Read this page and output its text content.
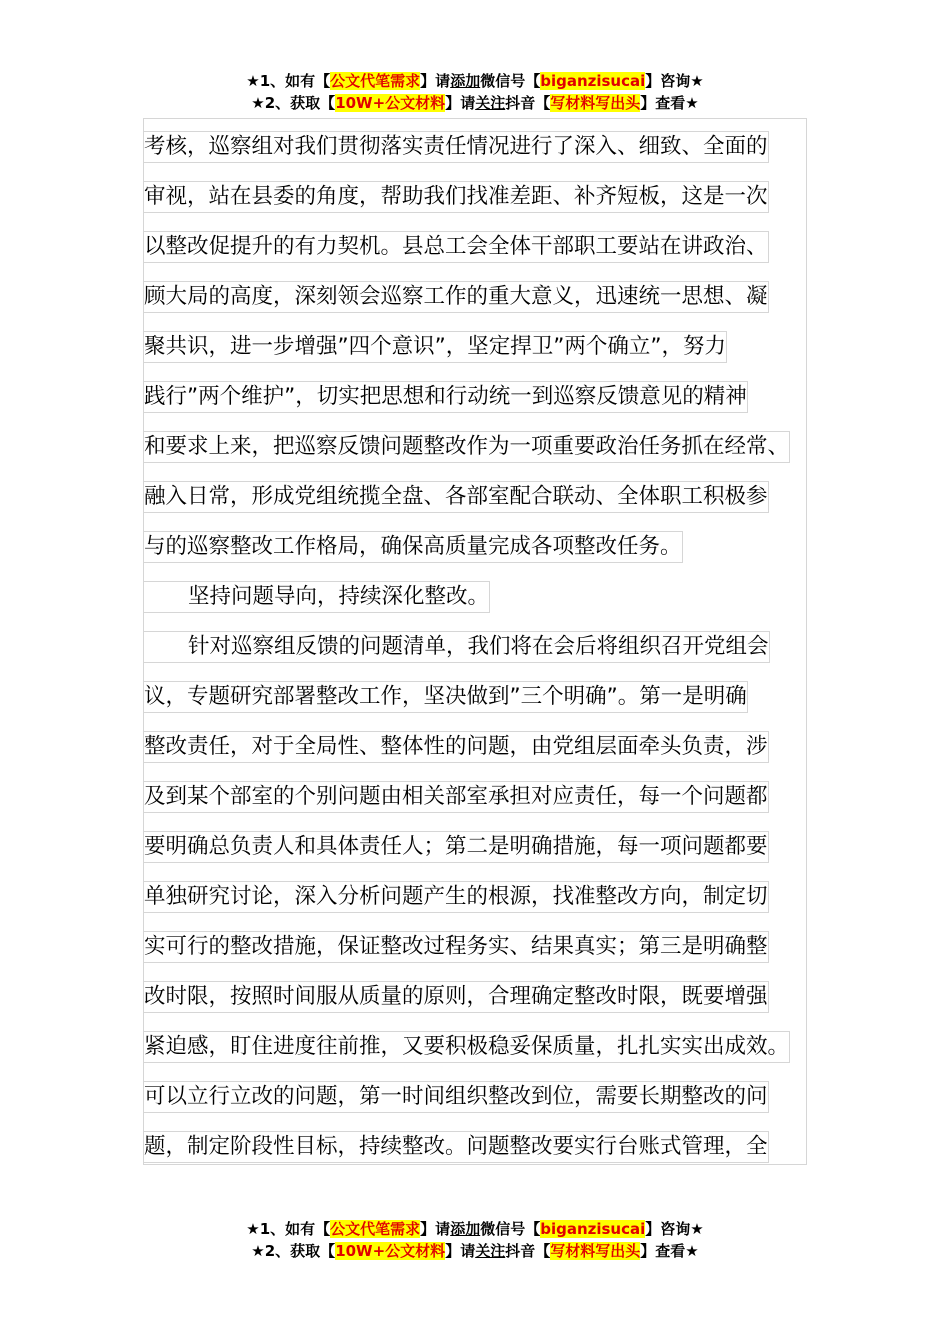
★1、如有【公文代笔需求】请添加微信号【biganzisucai】咨询★
★2、获取【10W+公文材料】请关注抖音【写材料写出头】查看★
考核，巡察组对我们贯彻落实责任情况进行了深入、细致、全面的
审视，站在县委的角度，帮助我们找准差距、补齐短板，这是一次
以整改促提升的有力契机。县总工会全体干部职工要站在讲政治、
顾大局的高度，深刻领会巡察工作的重大意义，迅速统一思想、凝
聚共识，进一步增强”四个意识”，坚定捍卫”两个确立”，努力
践行”两个维护”，切实把思想和行动统一到巡察反馈意见的精神
和要求上来，把巡察反馈问题整改作为一项重要政治任务抓在经常、
融入日常，形成党组统揽全盘、各部室配合联动、全体职工积极参
与的巡察整改工作格局，确保高质量完成各项整改任务。
坚持问题导向，持续深化整改。
针对巡察组反馈的问题清单，我们将在会后将组织召开党组会
议，专题研究部署整改工作，坚决做到”三个明确”。第一是明确
整改责任，对于全局性、整体性的问题，由党组层面牵头负责，涉
及到某个部室的个别问题由相关部室承担对应责任，每一个问题都
要明确总负责人和具体责任人；第二是明确措施，每一项问题都要
单独研究讨论，深入分析问题产生的根源，找准整改方向，制定切
实可行的整改措施，保证整改过程务实、结果真实；第三是明确整
改时限，按照时间服从质量的原则，合理确定整改时限，既要增强
紧迫感，盯住进度往前推，又要积极稳妥保质量，扎扎实实出成效。
可以立行立改的问题，第一时间组织整改到位，需要长期整改的问
题，制定阶段性目标，持续整改。问题整改要实行台账式管理，全
★1、如有【公文代笔需求】请添加微信号【biganzisucai】咨询★
★2、获取【10W+公文材料】请关注抖音【写材料写出头】查看★
